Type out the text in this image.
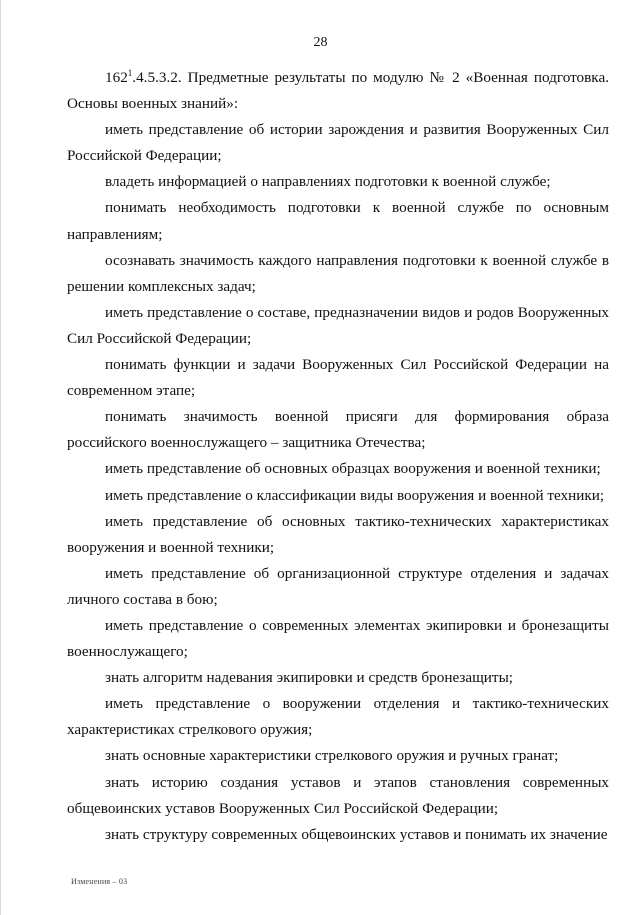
28

$162^1.4.5.3.2$. Предметные результаты по модулю № 2 «Военная подготовка. Основы военных знаний»:

иметь представление об истории зарождения и развития Вооруженных Сил Российской Федерации;

владеть информацией о направлениях подготовки к военной службе;

понимать необходимость подготовки к военной службе по основным направлениям;

осознавать значимость каждого направления подготовки к военной службе в решении комплексных задач;

иметь представление о составе, предназначении видов и родов Вооруженных Сил Российской Федерации;

понимать функции и задачи Вооруженных Сил Российской Федерации на современном этапе;

понимать значимость военной присяги для формирования образа российского военнослужащего – защитника Отечества;

иметь представление об основных образцах вооружения и военной техники;

иметь представление о классификации виды вооружения и военной техники;

иметь представление об основных тактико-технических характеристиках вооружения и военной техники;

иметь представление об организационной структуре отделения и задачах личного состава в бою;

иметь представление о современных элементах экипировки и бронезащиты военнослужащего;

знать алгоритм надевания экипировки и средств бронезащиты;

иметь представление о вооружении отделения и тактико-технических характеристиках стрелкового оружия;

знать основные характеристики стрелкового оружия и ручных гранат;

знать историю создания уставов и этапов становления современных общевоинских уставов Вооруженных Сил Российской Федерации;

знать структуру современных общевоинских уставов и понимать их значение

Изменения – 03
